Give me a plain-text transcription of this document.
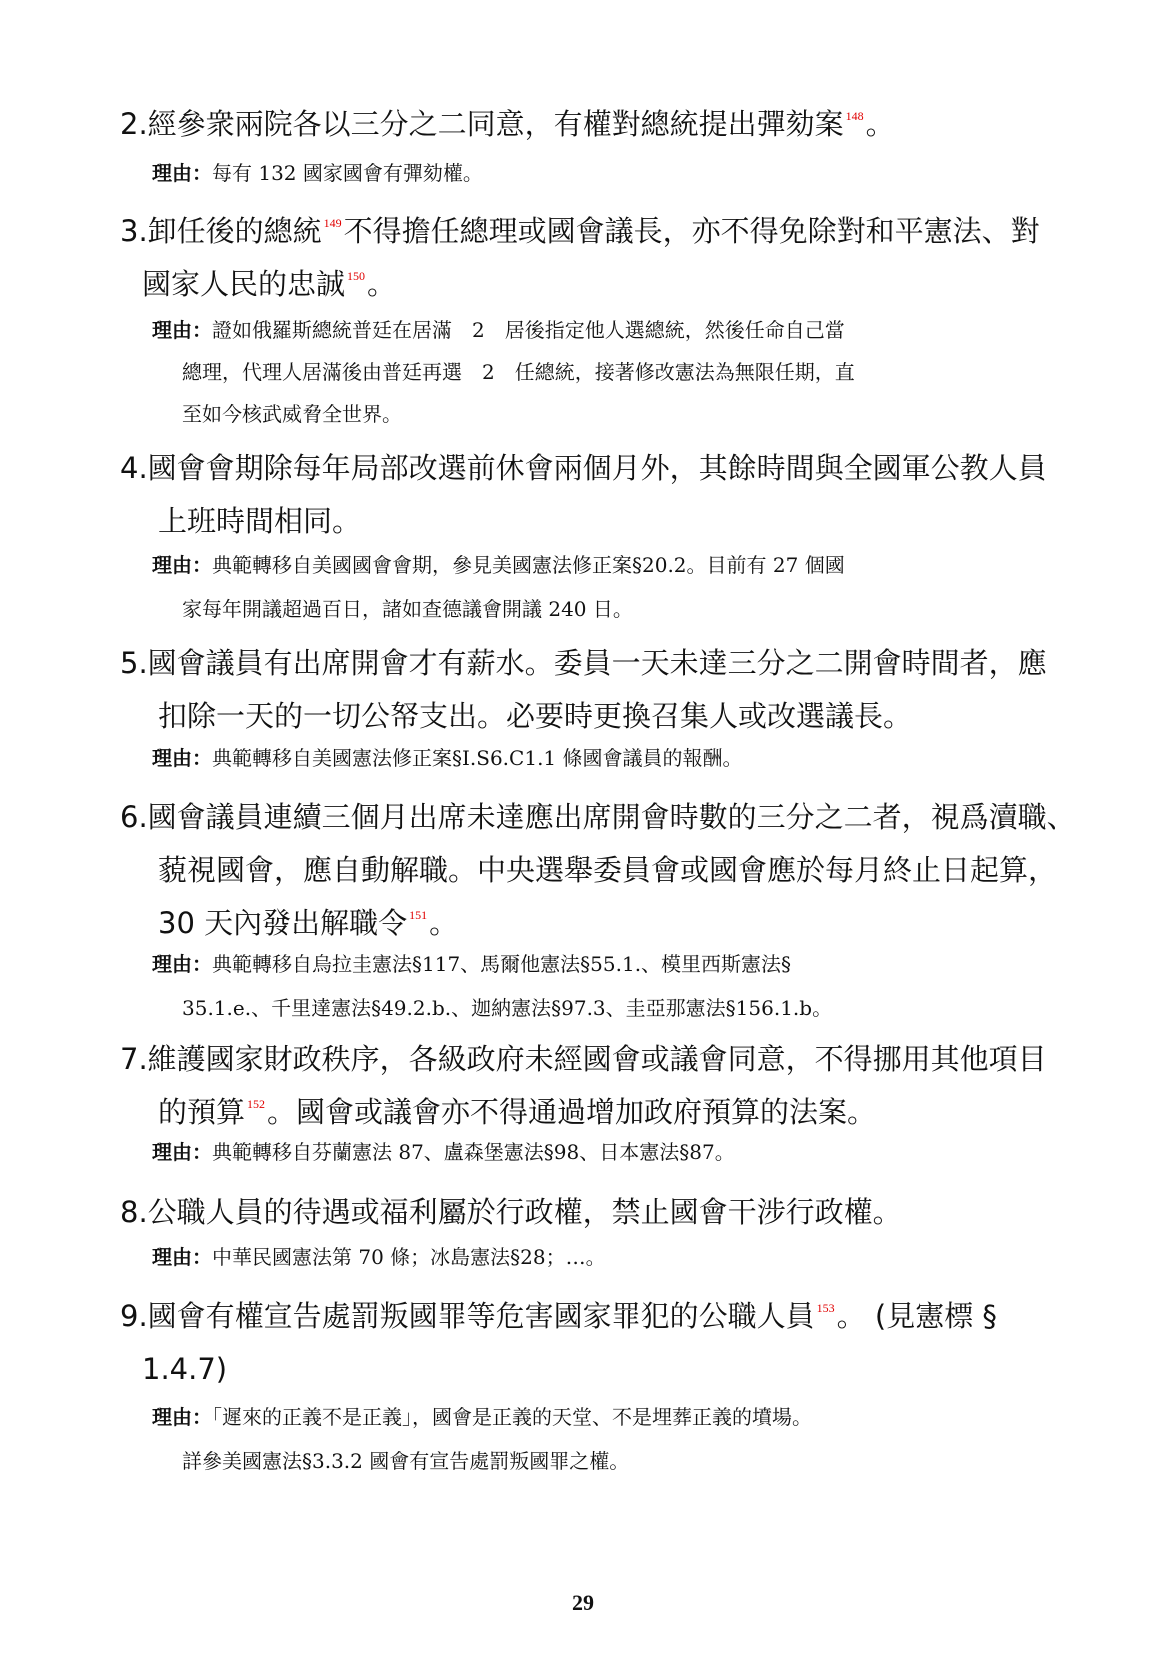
2.經參衆兩院各以三分之二同意，有權對總統提出彈劾案 $^{148}$。
理由：每有 132 國家國會有彈劾權。
3.卸任後的總統 $^{149}$不得擔任總理或國會議長，亦不得免除對和平憲法、對
國家人民的忠誠 $^{150}$。
理由：證如俄羅斯總統普廷在居滿　2　居後指定他人選總統，然後任命自己當
總理，代理人居滿後由普廷再選　2　任總統，接著修改憲法為無限任期，直
至如今核武威脅全世界。
4.國會會期除每年局部改選前休會兩個月外，其餘時間與全國軍公教人員
上班時間相同。
理由：典範轉移自美國國會會期，參見美國憲法修正案§20.2。目前有 27 個國
家每年開議超過百日，諸如查德議會開議 240 日。
5.國會議員有出席開會才有薪水。委員一天未達三分之二開會時間者，應
扣除一天的一切公帑支出。必要時更換召集人或改選議長。
理由：典範轉移自美國憲法修正案§I.S6.C1.1 條國會議員的報酬。
6.國會議員連續三個月出席未達應出席開會時數的三分之二者，視爲瀆職、
藐視國會，應自動解職。中央選舉委員會或國會應於每月終止日起算，
30 天內發出解職令 $^{151}$。
理由：典範轉移自烏拉圭憲法§117、馬爾他憲法§55.1.、模里西斯憲法§
35.1.e.、千里達憲法§49.2.b.、迦納憲法§97.3、圭亞那憲法§156.1.b。
7.維護國家財政秩序，各級政府未經國會或議會同意，不得挪用其他項目
的預算 $^{152}$。國會或議會亦不得通過增加政府預算的法案。
理由：典範轉移自芬蘭憲法 87、盧森堡憲法§98、日本憲法§87。
8.公職人員的待遇或福利屬於行政權，禁止國會干涉行政權。
理由：中華民國憲法第 70 條；冰島憲法§28；…。
9.國會有權宣告處罰叛國罪等危害國家罪犯的公職人員 $^{153}$。 (見憲標 §
1.4.7)
理由：「遲來的正義不是正義」，國會是正義的天堂、不是埋葬正義的墳場。
詳參美國憲法§3.3.2 國會有宣告處罰叛國罪之權。
29
